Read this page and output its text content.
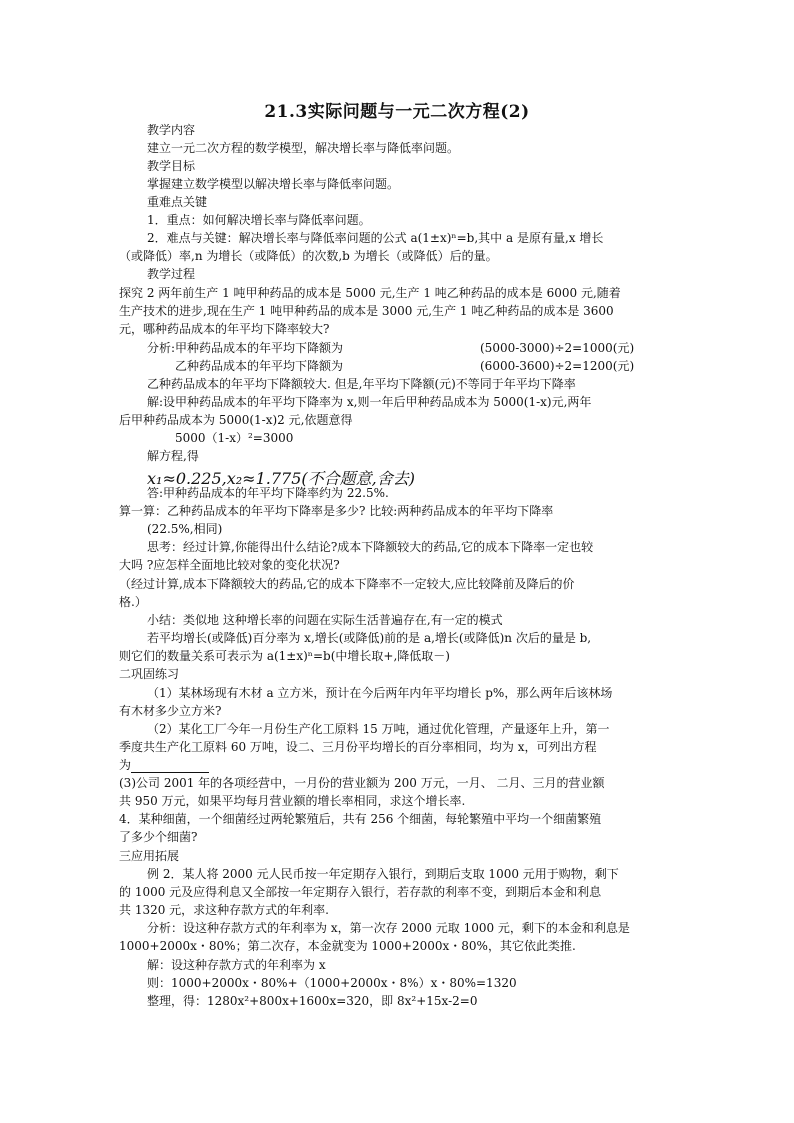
21.3实际问题与一元二次方程(2)
教学内容
建立一元二次方程的数学模型，解决增长率与降低率问题。
教学目标
掌握建立数学模型以解决增长率与降低率问题。
重难点关键
1．重点：如何解决增长率与降低率问题。
2．难点与关键：解决增长率与降低率问题的公式 a(1±x)ⁿ=b,其中 a 是原有量,x 增长
（或降低）率,n 为增长（或降低）的次数,b 为增长（或降低）后的量。
教学过程
探究 2 两年前生产 1 吨甲种药品的成本是 5000 元,生产 1 吨乙种药品的成本是 6000 元,随着
生产技术的进步,现在生产 1 吨甲种药品的成本是 3000 元,生产 1 吨乙种药品的成本是 3600
元，哪种药品成本的年平均下降率较大?
分析:甲种药品成本的年平均下降额为	(5000-3000)÷2=1000(元)
乙种药品成本的年平均下降额为	(6000-3600)÷2=1200(元)
乙种药品成本的年平均下降额较大. 但是,年平均下降额(元)不等同于年平均下降率
解:设甲种药品成本的年平均下降率为 x,则一年后甲种药品成本为 5000(1-x)元,两年
后甲种药品成本为 5000(1-x)2 元,依题意得
5000（1-x）²=3000
解方程,得
x₁≈0.225,x₂≈1.775(不合题意,舍去)
答:甲种药品成本的年平均下降率约为 22.5%.
算一算：乙种药品成本的年平均下降率是多少? 比较:两种药品成本的年平均下降率
(22.5%,相同)
思考：经过计算,你能得出什么结论?成本下降额较大的药品,它的成本下降率一定也较
大吗 ?应怎样全面地比较对象的变化状况?
（经过计算,成本下降额较大的药品,它的成本下降率不一定较大,应比较降前及降后的价
格.）
小结：类似地 这种增长率的问题在实际生活普遍存在,有一定的模式
若平均增长(或降低)百分率为 x,增长(或降低)前的是 a,增长(或降低)n 次后的量是 b,
则它们的数量关系可表示为 a(1±x)ⁿ=b(中增长取+,降低取－)
二巩固练习
（1）某林场现有木材 a 立方米，预计在今后两年内年平均增长 p%，那么两年后该林场
有木材多少立方米?
（2）某化工厂今年一月份生产化工原料 15 万吨，通过优化管理，产量逐年上升，第一
季度共生产化工原料 60 万吨，设二、三月份平均增长的百分率相同，均为 x，可列出方程
为
(3)公司 2001 年的各项经营中，一月份的营业额为 200 万元，一月、 二月、三月的营业额
共 950 万元，如果平均每月营业额的增长率相同，求这个增长率.
4．某种细菌，一个细菌经过两轮繁殖后，共有 256 个细菌，每轮繁殖中平均一个细菌繁殖
了多少个细菌?
三应用拓展
例 2．某人将 2000 元人民币按一年定期存入银行，到期后支取 1000 元用于购物，剩下
的 1000 元及应得利息又全部按一年定期存入银行，若存款的利率不变，到期后本金和利息
共 1320 元，求这种存款方式的年利率.
分析：设这种存款方式的年利率为 x，第一次存 2000 元取 1000 元，剩下的本金和利息是
1000+2000x・80%；第二次存，本金就变为 1000+2000x・80%，其它依此类推.
解：设这种存款方式的年利率为 x
则：1000+2000x・80%+（1000+2000x・8%）x・80%=1320
整理，得：1280x²+800x+1600x=320，即 8x²+15x-2=0
